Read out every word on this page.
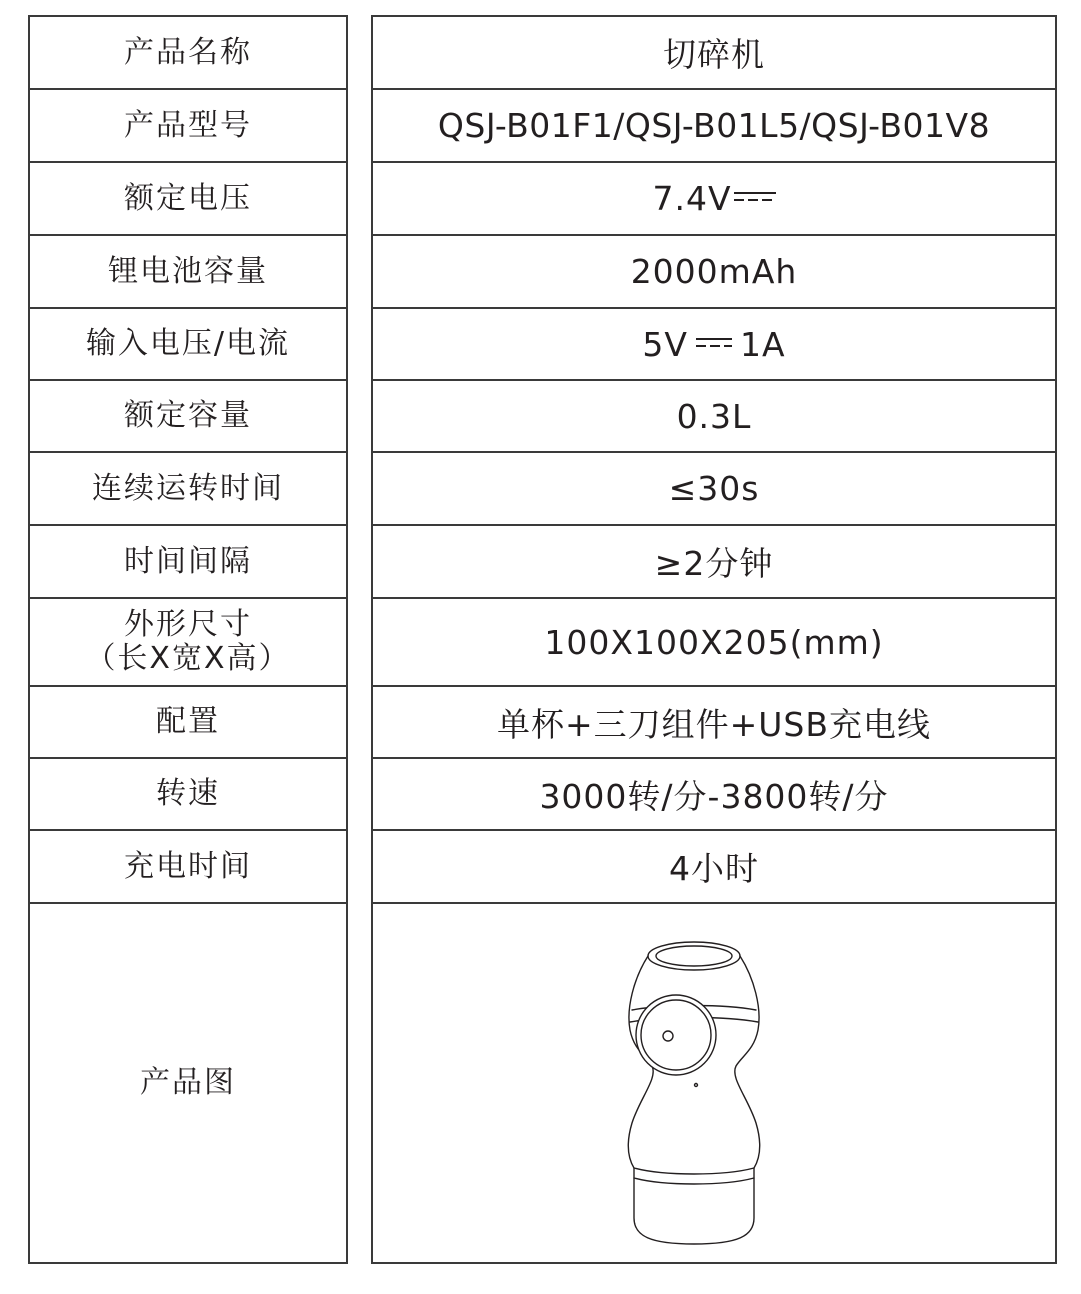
产品名称
产品型号
额定电压
锂电池容量
输入电压/电流
额定容量
连续运转时间
时间间隔
外形尺寸
（长X宽X高）
配置
转速
充电时间
产品图
切碎机
QSJ-B01F1/QSJ-B01L5/QSJ-B01V8
7.4V
2000mAh
5V 1A
0.3L
≤30s
≥2分钟
100X100X205(mm)
单杯+三刀组件+USB充电线
3000转/分-3800转/分
4小时
